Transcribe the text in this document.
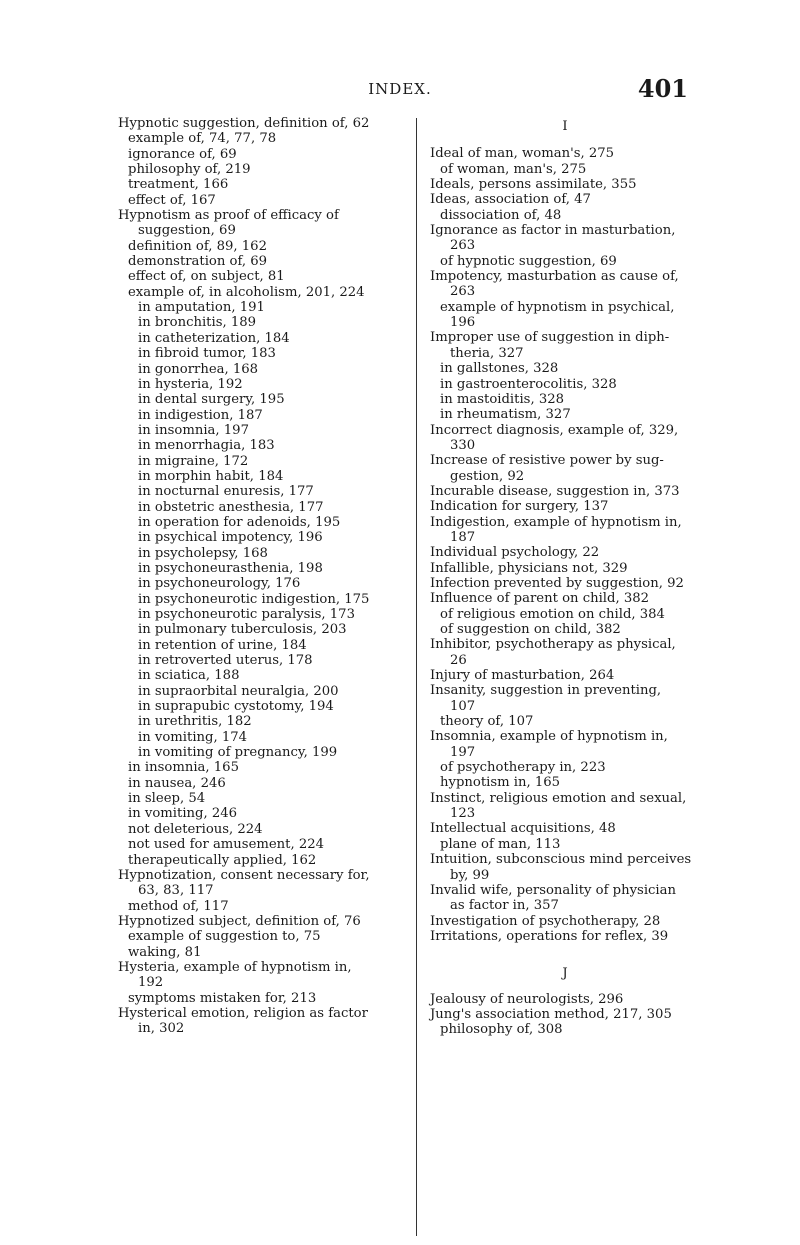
INDEX.	401
Hypnotic suggestion, definition of, 62
example of, 74, 77, 78
ignorance of, 69
philosophy of, 219
treatment, 166
effect of, 167
Hypnotism as proof of efficacy of
suggestion, 69
definition of, 89, 162
demonstration of, 69
effect of, on subject, 81
example of, in alcoholism, 201, 224
in amputation, 191
in bronchitis, 189
in catheterization, 184
in fibroid tumor, 183
in gonorrhea, 168
in hysteria, 192
in dental surgery, 195
in indigestion, 187
in insomnia, 197
in menorrhagia, 183
in migraine, 172
in morphin habit, 184
in nocturnal enuresis, 177
in obstetric anesthesia, 177
in operation for adenoids, 195
in psychical impotency, 196
in psycholepsy, 168
in psychoneurasthenia, 198
in psychoneurology, 176
in psychoneurotic indigestion, 175
in psychoneurotic paralysis, 173
in pulmonary tuberculosis, 203
in retention of urine, 184
in retroverted uterus, 178
in sciatica, 188
in supraorbital neuralgia, 200
in suprapubic cystotomy, 194
in urethritis, 182
in vomiting, 174
in vomiting of pregnancy, 199
in insomnia, 165
in nausea, 246
in sleep, 54
in vomiting, 246
not deleterious, 224
not used for amusement, 224
therapeutically applied, 162
Hypnotization, consent necessary for,
63, 83, 117
method of, 117
Hypnotized subject, definition of, 76
example of suggestion to, 75
waking, 81
Hysteria, example of hypnotism in,
192
symptoms mistaken for, 213
Hysterical emotion, religion as factor
in, 302
I
Ideal of man, woman's, 275
of woman, man's, 275
Ideals, persons assimilate, 355
Ideas, association of, 47
dissociation of, 48
Ignorance as factor in masturbation,
263
of hypnotic suggestion, 69
Impotency, masturbation as cause of,
263
example of hypnotism in psychical,
196
Improper use of suggestion in diph-
theria, 327
in gallstones, 328
in gastroenterocolitis, 328
in mastoiditis, 328
in rheumatism, 327
Incorrect diagnosis, example of, 329,
330
Increase of resistive power by sug-
gestion, 92
Incurable disease, suggestion in, 373
Indication for surgery, 137
Indigestion, example of hypnotism in,
187
Individual psychology, 22
Infallible, physicians not, 329
Infection prevented by suggestion, 92
Influence of parent on child, 382
of religious emotion on child, 384
of suggestion on child, 382
Inhibitor, psychotherapy as physical,
26
Injury of masturbation, 264
Insanity, suggestion in preventing,
107
theory of, 107
Insomnia, example of hypnotism in,
197
of psychotherapy in, 223
hypnotism in, 165
Instinct, religious emotion and sexual,
123
Intellectual acquisitions, 48
plane of man, 113
Intuition, subconscious mind perceives
by, 99
Invalid wife, personality of physician
as factor in, 357
Investigation of psychotherapy, 28
Irritations, operations for reflex, 39
J
Jealousy of neurologists, 296
Jung's association method, 217, 305
philosophy of, 308
